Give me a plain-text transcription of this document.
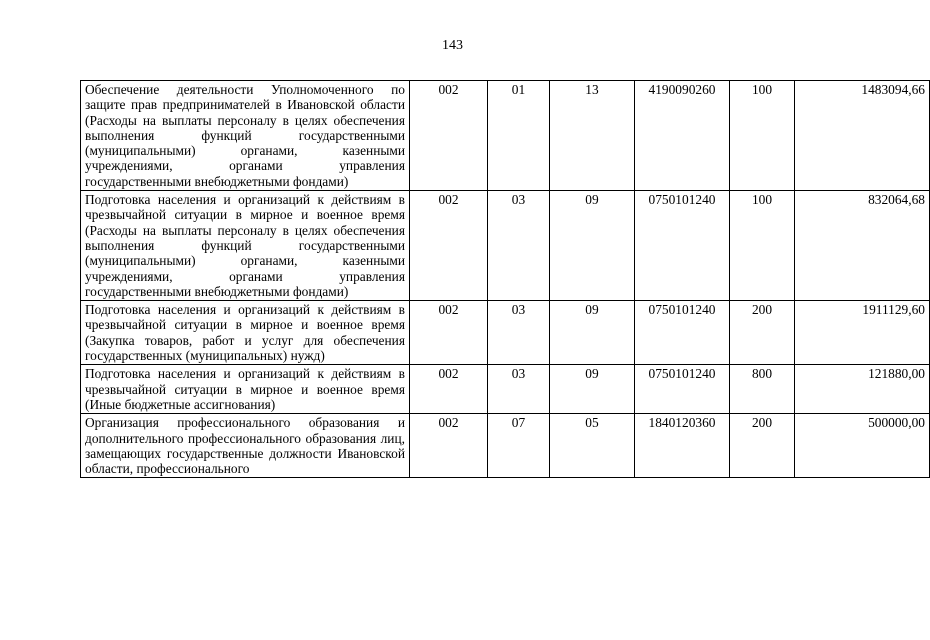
143
Обеспечение деятельности Уполномоченного по защите прав предпринимателей в Ивановской области (Расходы на выплаты персоналу в целях обеспечения выполнения функций государственными (муниципальными) органами, казенными учреждениями, органами управления государственными внебюджетными фондами)	002	01	13	4190090260	100	1483094,66
Подготовка населения и организаций к действиям в чрезвычайной ситуации в мирное и военное время (Расходы на выплаты персоналу в целях обеспечения выполнения функций государственными (муниципальными) органами, казенными учреждениями, органами управления государственными внебюджетными фондами)	002	03	09	0750101240	100	832064,68
Подготовка населения и организаций к действиям в чрезвычайной ситуации в мирное и военное время (Закупка товаров, работ и услуг для обеспечения государственных (муниципальных) нужд)	002	03	09	0750101240	200	1911129,60
Подготовка населения и организаций к действиям в чрезвычайной ситуации в мирное и военное время (Иные бюджетные ассигнования)	002	03	09	0750101240	800	121880,00
Организация профессионального образования и дополнительного профессионального образования лиц, замещающих государственные должности Ивановской области, профессионального	002	07	05	1840120360	200	500000,00
